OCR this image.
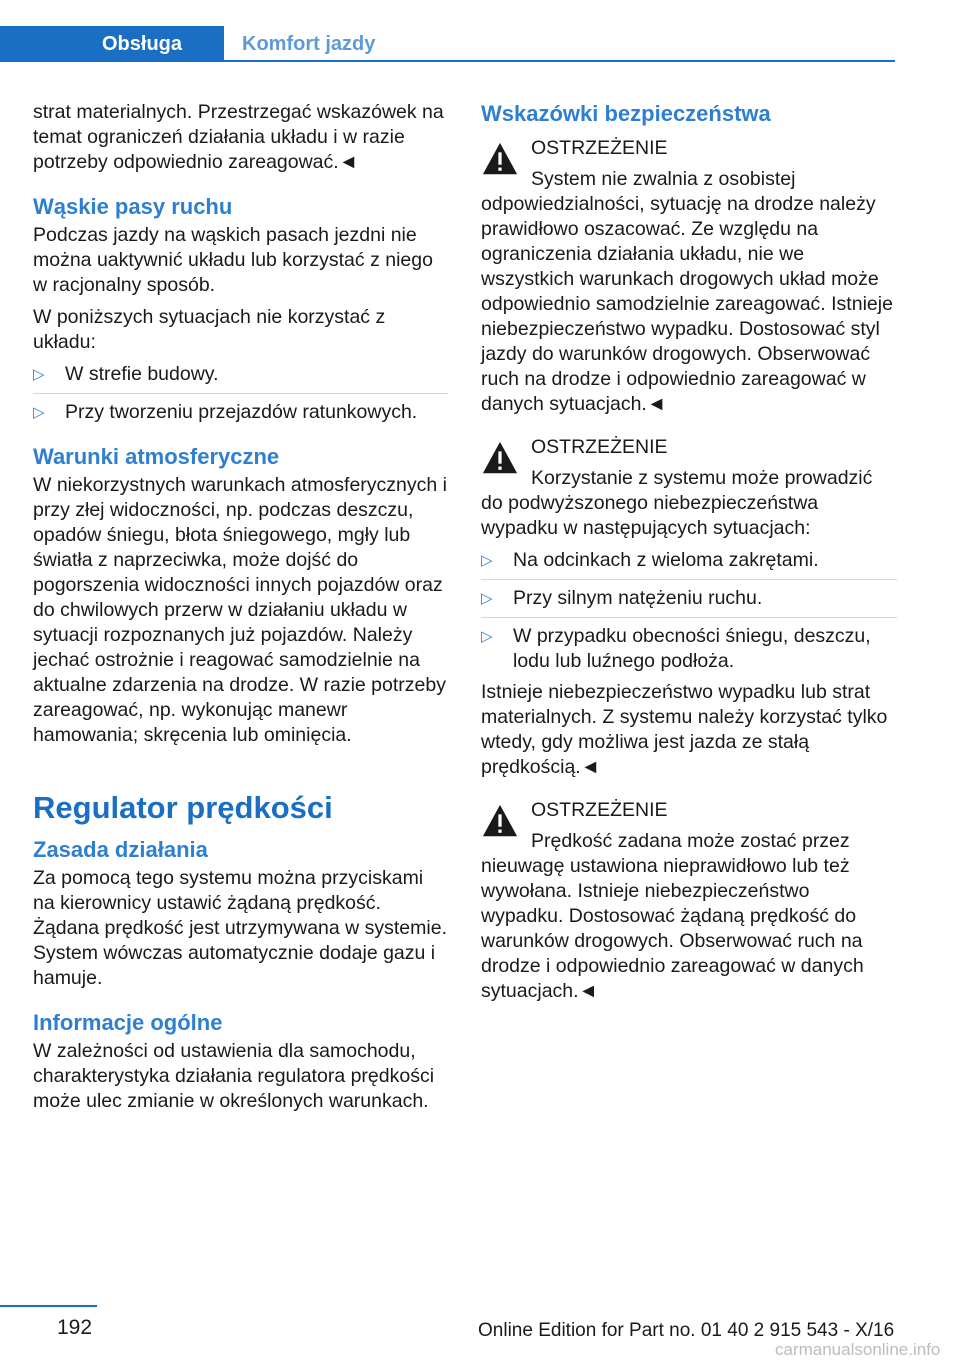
Obsługa	Komfort jazdy

strat materialnych. Przestrzegać wskazówek na temat ograniczeń działania układu i w razie potrzeby odpowiednio zareagować.◄

Wąskie pasy ruchu

Podczas jazdy na wąskich pasach jezdni nie można uaktywnić układu lub korzystać z niego w racjonalny sposób.

W poniższych sytuacjach nie korzystać z układu:

▷ W strefie budowy.
▷ Przy tworzeniu przejazdów ratunkowych.
Warunki atmosferyczne

W niekorzystnych warunkach atmosferycznych i przy złej widoczności, np. podczas deszczu, opadów śniegu, błota śniegowego, mgły lub światła z naprzeciwka, może dojść do pogorszenia widoczności innych pojazdów oraz do chwilowych przerw w działaniu układu w sytuacji rozpoznanych już pojazdów. Należy jechać ostrożnie i reagować samodzielnie na aktualne zdarzenia na drodze. W razie potrzeby zareagować, np. wykonując manewr hamowania; skręcenia lub ominięcia.

Regulator prędkości
Zasada działania

Za pomocą tego systemu można przyciskami na kierownicy ustawić żądaną prędkość. Żądana prędkość jest utrzymywana w systemie. System wówczas automatycznie dodaje gazu i hamuje.

Informacje ogólne

W zależności od ustawienia dla samochodu, charakterystyka działania regulatora prędkości może ulec zmianie w określonych warunkach.

Wskazówki bezpieczeństwa
OSTRZEŻENIE

System nie zwalnia z osobistej odpowiedzialności, sytuację na drodze należy prawidłowo oszacować. Ze względu na ograniczenia działania układu, nie we wszystkich warunkach drogowych układ może odpowiednio samodzielnie zareagować. Istnieje niebezpieczeństwo wypadku. Dostosować styl jazdy do warunków drogowych. Obserwować ruch na drodze i odpowiednio zareagować w danych sytuacjach.◄

OSTRZEŻENIE

Korzystanie z systemu może prowadzić do podwyższonego niebezpieczeństwa wypadku w następujących sytuacjach:

▷ Na odcinkach z wieloma zakrętami.
▷ Przy silnym natężeniu ruchu.
▷ W przypadku obecności śniegu, deszczu, lodu lub luźnego podłoża.

Istnieje niebezpieczeństwo wypadku lub strat materialnych. Z systemu należy korzystać tylko wtedy, gdy możliwa jest jazda ze stałą prędkością.◄

OSTRZEŻENIE

Prędkość zadana może zostać przez nieuwagę ustawiona nieprawidłowo lub też wywołana. Istnieje niebezpieczeństwo wypadku. Dostosować żądaną prędkość do warunków drogowych. Obserwować ruch na drodze i odpowiednio zareagować w danych sytuacjach.◄

192	Online Edition for Part no. 01 40 2 915 543 - X/16
carmanualsonline.info
